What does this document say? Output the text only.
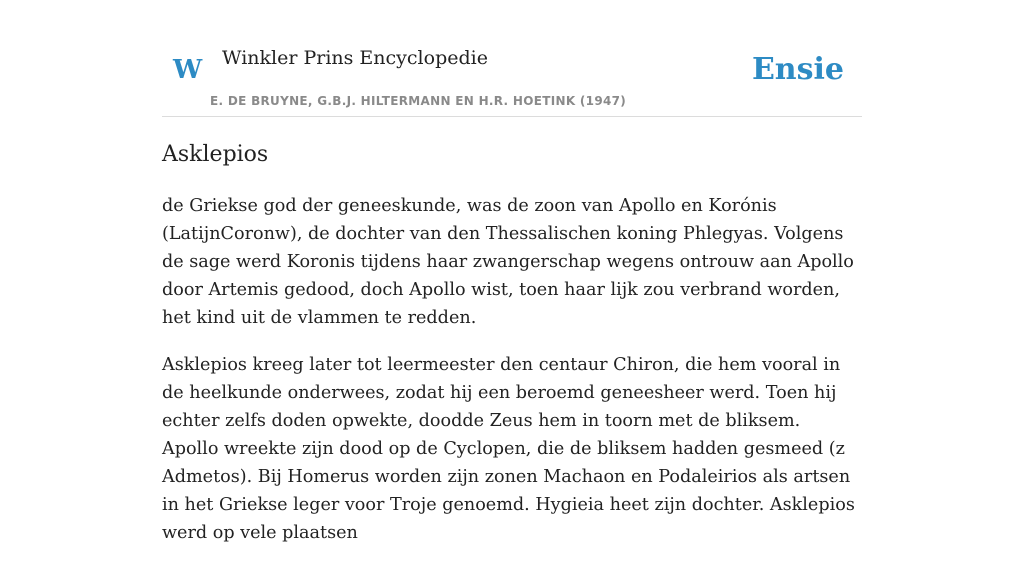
W Winkler Prins Encyclopedie
E. DE BRUYNE, G.B.J. HILTERMANN EN H.R. HOETINK (1947)
Ensie
Asklepios

de Griekse god der geneeskunde, was de zoon van Apollo en Korónis (LatijnCoronw), de dochter van den Thessalischen koning Phlegyas. Volgens de sage werd Koronis tijdens haar zwangerschap wegens ontrouw aan Apollo door Artemis gedood, doch Apollo wist, toen haar lijk zou verbrand worden, het kind uit de vlammen te redden.

Asklepios kreeg later tot leermeester den centaur Chiron, die hem vooral in de heelkunde onderwees, zodat hij een beroemd geneesheer werd. Toen hij echter zelfs doden opwekte, doodde Zeus hem in toorn met de bliksem. Apollo wreekte zijn dood op de Cyclopen, die de bliksem hadden gesmeed (z Admetos). Bij Homerus worden zijn zonen Machaon en Podaleirios als artsen in het Griekse leger voor Troje genoemd. Hygieia heet zijn dochter. Asklepios werd op vele plaatsen
